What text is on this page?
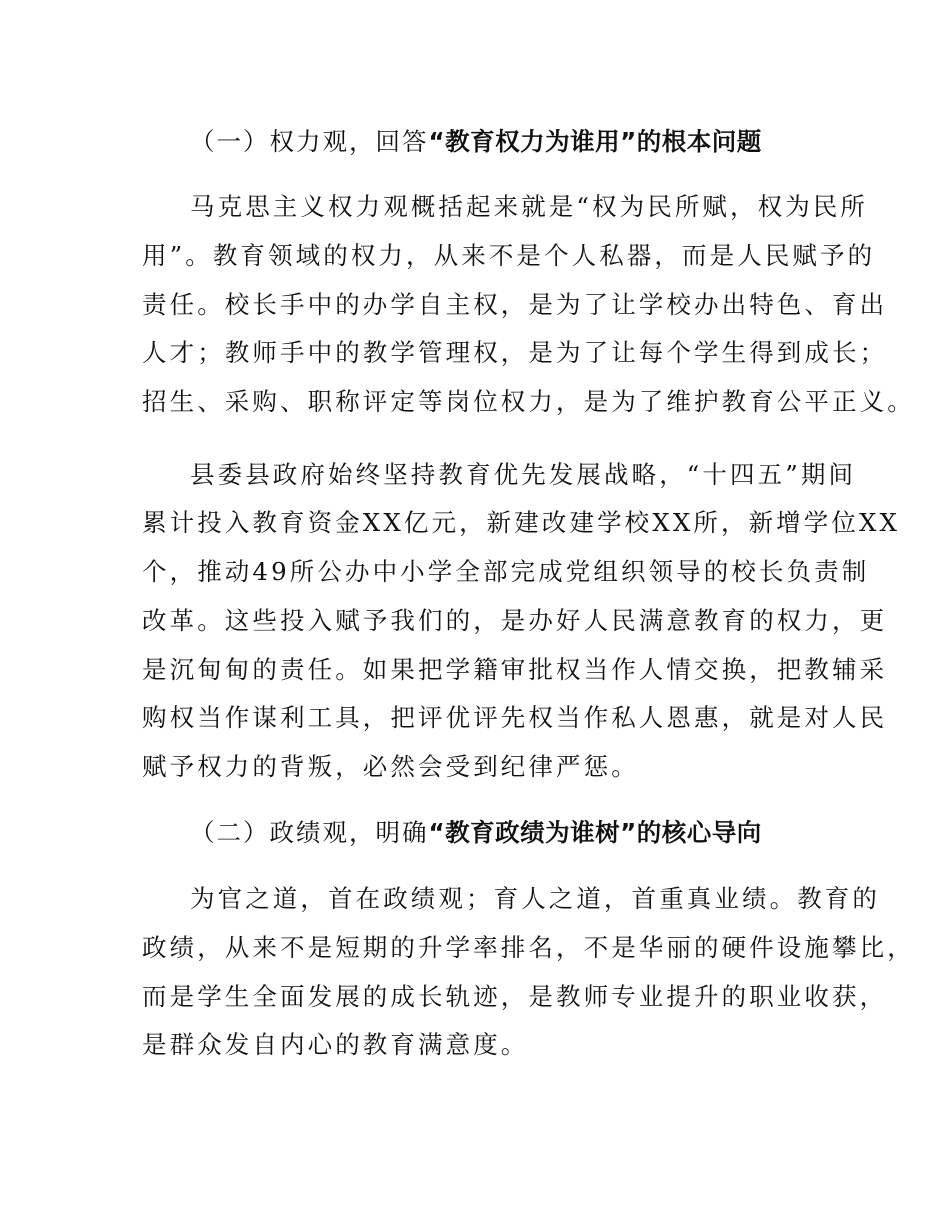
（一）权力观，回答“教育权力为谁用”的根本问题
马克思主义权力观概括起来就是“权为民所赋，权为民所
用”。教育领域的权力，从来不是个人私器，而是人民赋予的
责任。校长手中的办学自主权，是为了让学校办出特色、育出
人才；教师手中的教学管理权，是为了让每个学生得到成长；
招生、采购、职称评定等岗位权力，是为了维护教育公平正义。
县委县政府始终坚持教育优先发展战略，“十四五”期间
累计投入教育资金XX亿元，新建改建学校XX所，新增学位XX
个，推动49所公办中小学全部完成党组织领导的校长负责制
改革。这些投入赋予我们的，是办好人民满意教育的权力，更
是沉甸甸的责任。如果把学籍审批权当作人情交换，把教辅采
购权当作谋利工具，把评优评先权当作私人恩惠，就是对人民
赋予权力的背叛，必然会受到纪律严惩。
（二）政绩观，明确“教育政绩为谁树”的核心导向
为官之道，首在政绩观；育人之道，首重真业绩。教育的
政绩，从来不是短期的升学率排名，不是华丽的硬件设施攀比，
而是学生全面发展的成长轨迹，是教师专业提升的职业收获，
是群众发自内心的教育满意度。
